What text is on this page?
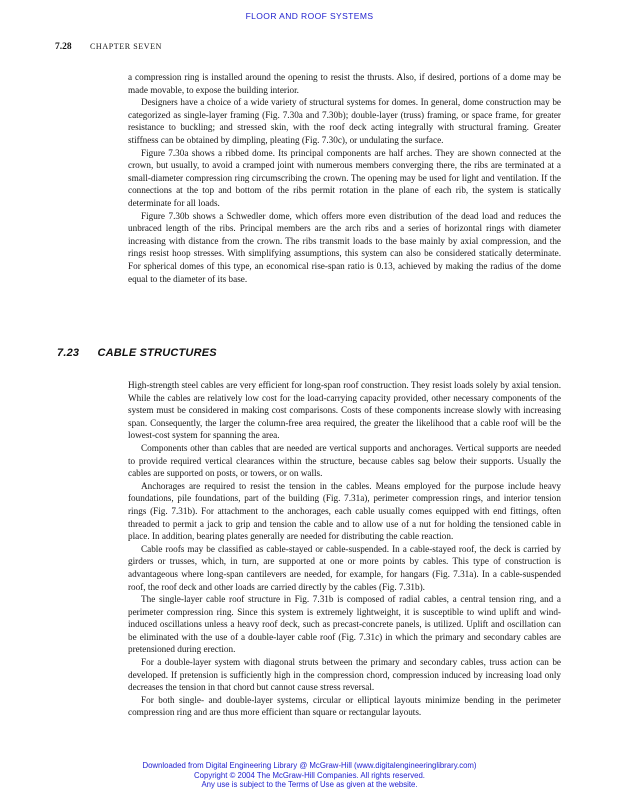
FLOOR AND ROOF SYSTEMS
7.28 CHAPTER SEVEN

a compression ring is installed around the opening to resist the thrusts. Also, if desired, portions of a dome may be made movable, to expose the building interior.

Designers have a choice of a wide variety of structural systems for domes. In general, dome construction may be categorized as single-layer framing (Fig. 7.30a and 7.30b); double-layer (truss) framing, or space frame, for greater resistance to buckling; and stressed skin, with the roof deck acting integrally with structural framing. Greater stiffness can be obtained by dimpling, pleating (Fig. 7.30c), or undulating the surface.

Figure 7.30a shows a ribbed dome. Its principal components are half arches. They are shown connected at the crown, but usually, to avoid a cramped joint with numerous members converging there, the ribs are terminated at a small-diameter compression ring circumscribing the crown. The opening may be used for light and ventilation. If the connections at the top and bottom of the ribs permit rotation in the plane of each rib, the system is statically determinate for all loads.

Figure 7.30b shows a Schwedler dome, which offers more even distribution of the dead load and reduces the unbraced length of the ribs. Principal members are the arch ribs and a series of horizontal rings with diameter increasing with distance from the crown. The ribs transmit loads to the base mainly by axial compression, and the rings resist hoop stresses. With simplifying assumptions, this system can also be considered statically determinate. For spherical domes of this type, an economical rise-span ratio is 0.13, achieved by making the radius of the dome equal to the diameter of its base.

7.23 CABLE STRUCTURES

High-strength steel cables are very efficient for long-span roof construction. They resist loads solely by axial tension. While the cables are relatively low cost for the load-carrying capacity provided, other necessary components of the system must be considered in making cost comparisons. Costs of these components increase slowly with increasing span. Consequently, the larger the column-free area required, the greater the likelihood that a cable roof will be the lowest-cost system for spanning the area.

Components other than cables that are needed are vertical supports and anchorages. Vertical supports are needed to provide required vertical clearances within the structure, because cables sag below their supports. Usually the cables are supported on posts, or towers, or on walls.

Anchorages are required to resist the tension in the cables. Means employed for the purpose include heavy foundations, pile foundations, part of the building (Fig. 7.31a), perimeter compression rings, and interior tension rings (Fig. 7.31b). For attachment to the anchorages, each cable usually comes equipped with end fittings, often threaded to permit a jack to grip and tension the cable and to allow use of a nut for holding the tensioned cable in place. In addition, bearing plates generally are needed for distributing the cable reaction.

Cable roofs may be classified as cable-stayed or cable-suspended. In a cable-stayed roof, the deck is carried by girders or trusses, which, in turn, are supported at one or more points by cables. This type of construction is advantageous where long-span cantilevers are needed, for example, for hangars (Fig. 7.31a). In a cable-suspended roof, the roof deck and other loads are carried directly by the cables (Fig. 7.31b).

The single-layer cable roof structure in Fig. 7.31b is composed of radial cables, a central tension ring, and a perimeter compression ring. Since this system is extremely lightweight, it is susceptible to wind uplift and wind-induced oscillations unless a heavy roof deck, such as precast-concrete panels, is utilized. Uplift and oscillation can be eliminated with the use of a double-layer cable roof (Fig. 7.31c) in which the primary and secondary cables are pretensioned during erection.

For a double-layer system with diagonal struts between the primary and secondary cables, truss action can be developed. If pretension is sufficiently high in the compression chord, compression induced by increasing load only decreases the tension in that chord but cannot cause stress reversal.

For both single- and double-layer systems, circular or elliptical layouts minimize bending in the perimeter compression ring and are thus more efficient than square or rectangular layouts.

Downloaded from Digital Engineering Library @ McGraw-Hill (www.digitalengineeringlibrary.com)
Copyright © 2004 The McGraw-Hill Companies. All rights reserved.
Any use is subject to the Terms of Use as given at the website.
